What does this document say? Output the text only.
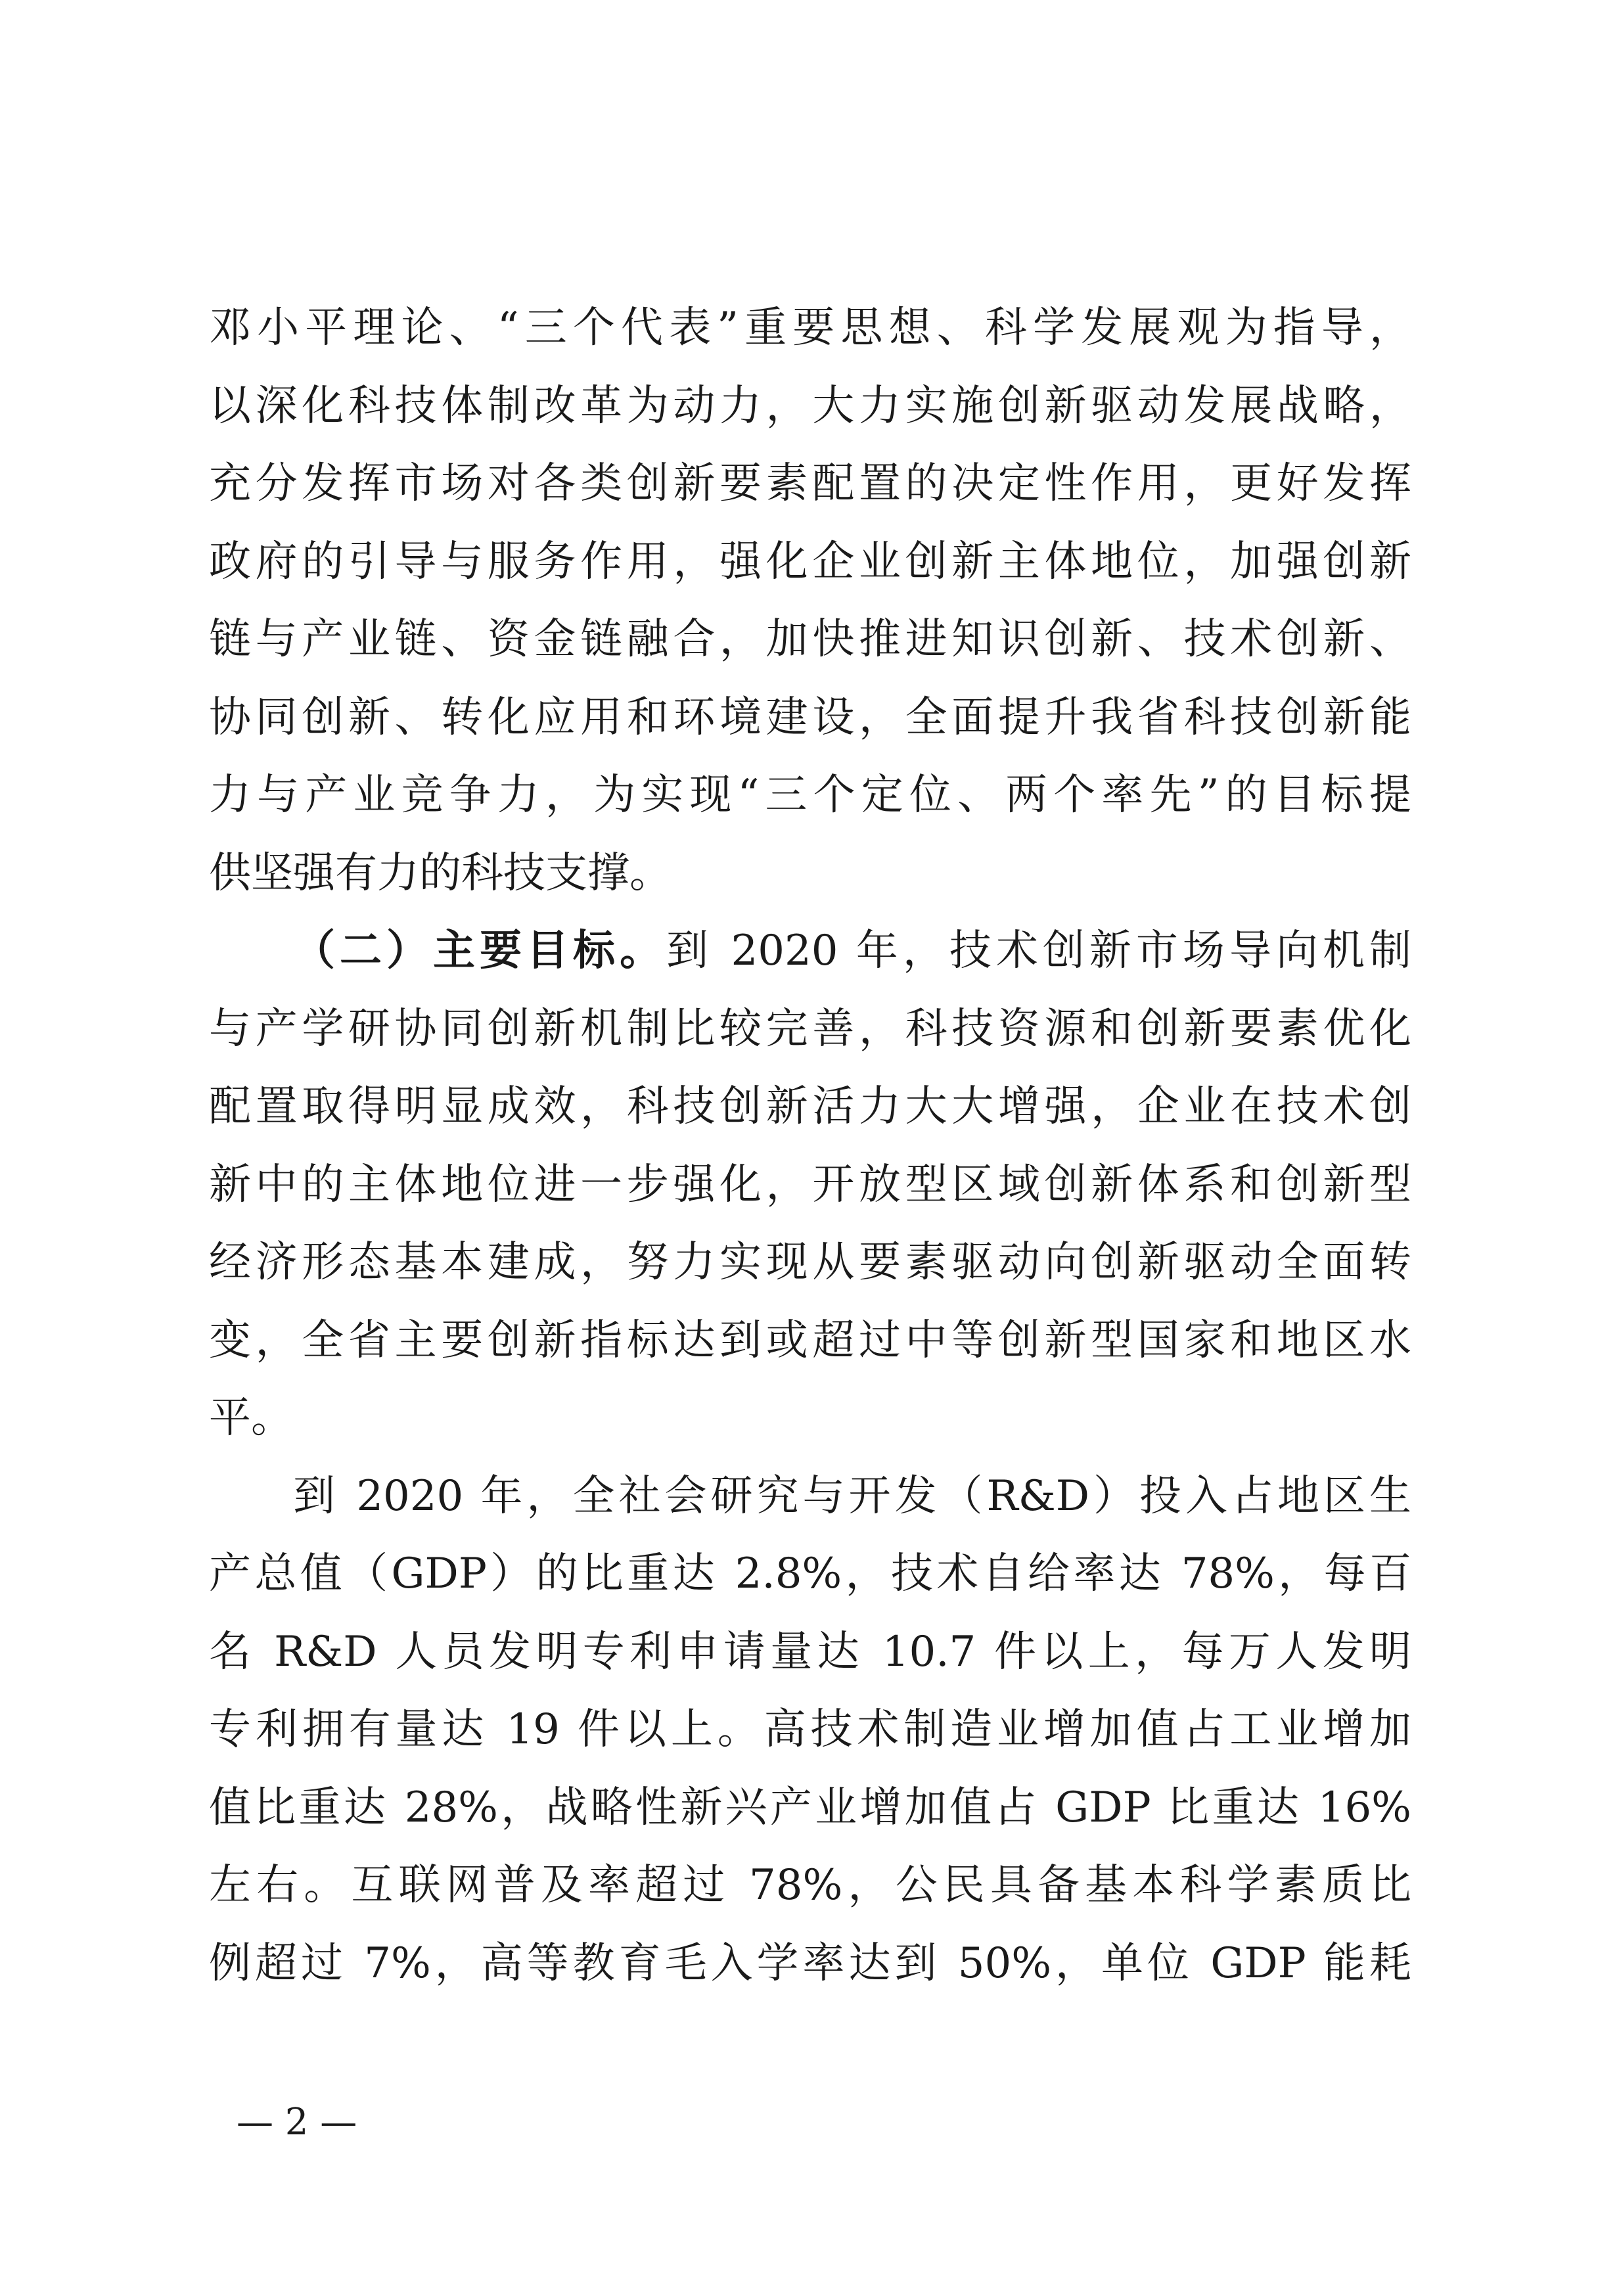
邓小平理论、“三个代表”重要思想、科学发展观为指导，
以深化科技体制改革为动力，大力实施创新驱动发展战略，
充分发挥市场对各类创新要素配置的决定性作用，更好发挥
政府的引导与服务作用，强化企业创新主体地位，加强创新
链与产业链、资金链融合，加快推进知识创新、技术创新、
协同创新、转化应用和环境建设，全面提升我省科技创新能
力与产业竞争力，为实现“三个定位、两个率先”的目标提
供坚强有力的科技支撑。
（二）主要目标。到 2020 年，技术创新市场导向机制
与产学研协同创新机制比较完善，科技资源和创新要素优化
配置取得明显成效，科技创新活力大大增强，企业在技术创
新中的主体地位进一步强化，开放型区域创新体系和创新型
经济形态基本建成，努力实现从要素驱动向创新驱动全面转
变，全省主要创新指标达到或超过中等创新型国家和地区水
平。
到 2020 年，全社会研究与开发（R&D）投入占地区生
产总值（GDP）的比重达 2.8%，技术自给率达 78%，每百
名 R&D 人员发明专利申请量达 10.7 件以上，每万人发明
专利拥有量达 19 件以上。高技术制造业增加值占工业增加
值比重达 28%，战略性新兴产业增加值占 GDP 比重达 16%
左右。互联网普及率超过 78%，公民具备基本科学素质比
例超过 7%，高等教育毛入学率达到 50%，单位 GDP 能耗
— 2 —
